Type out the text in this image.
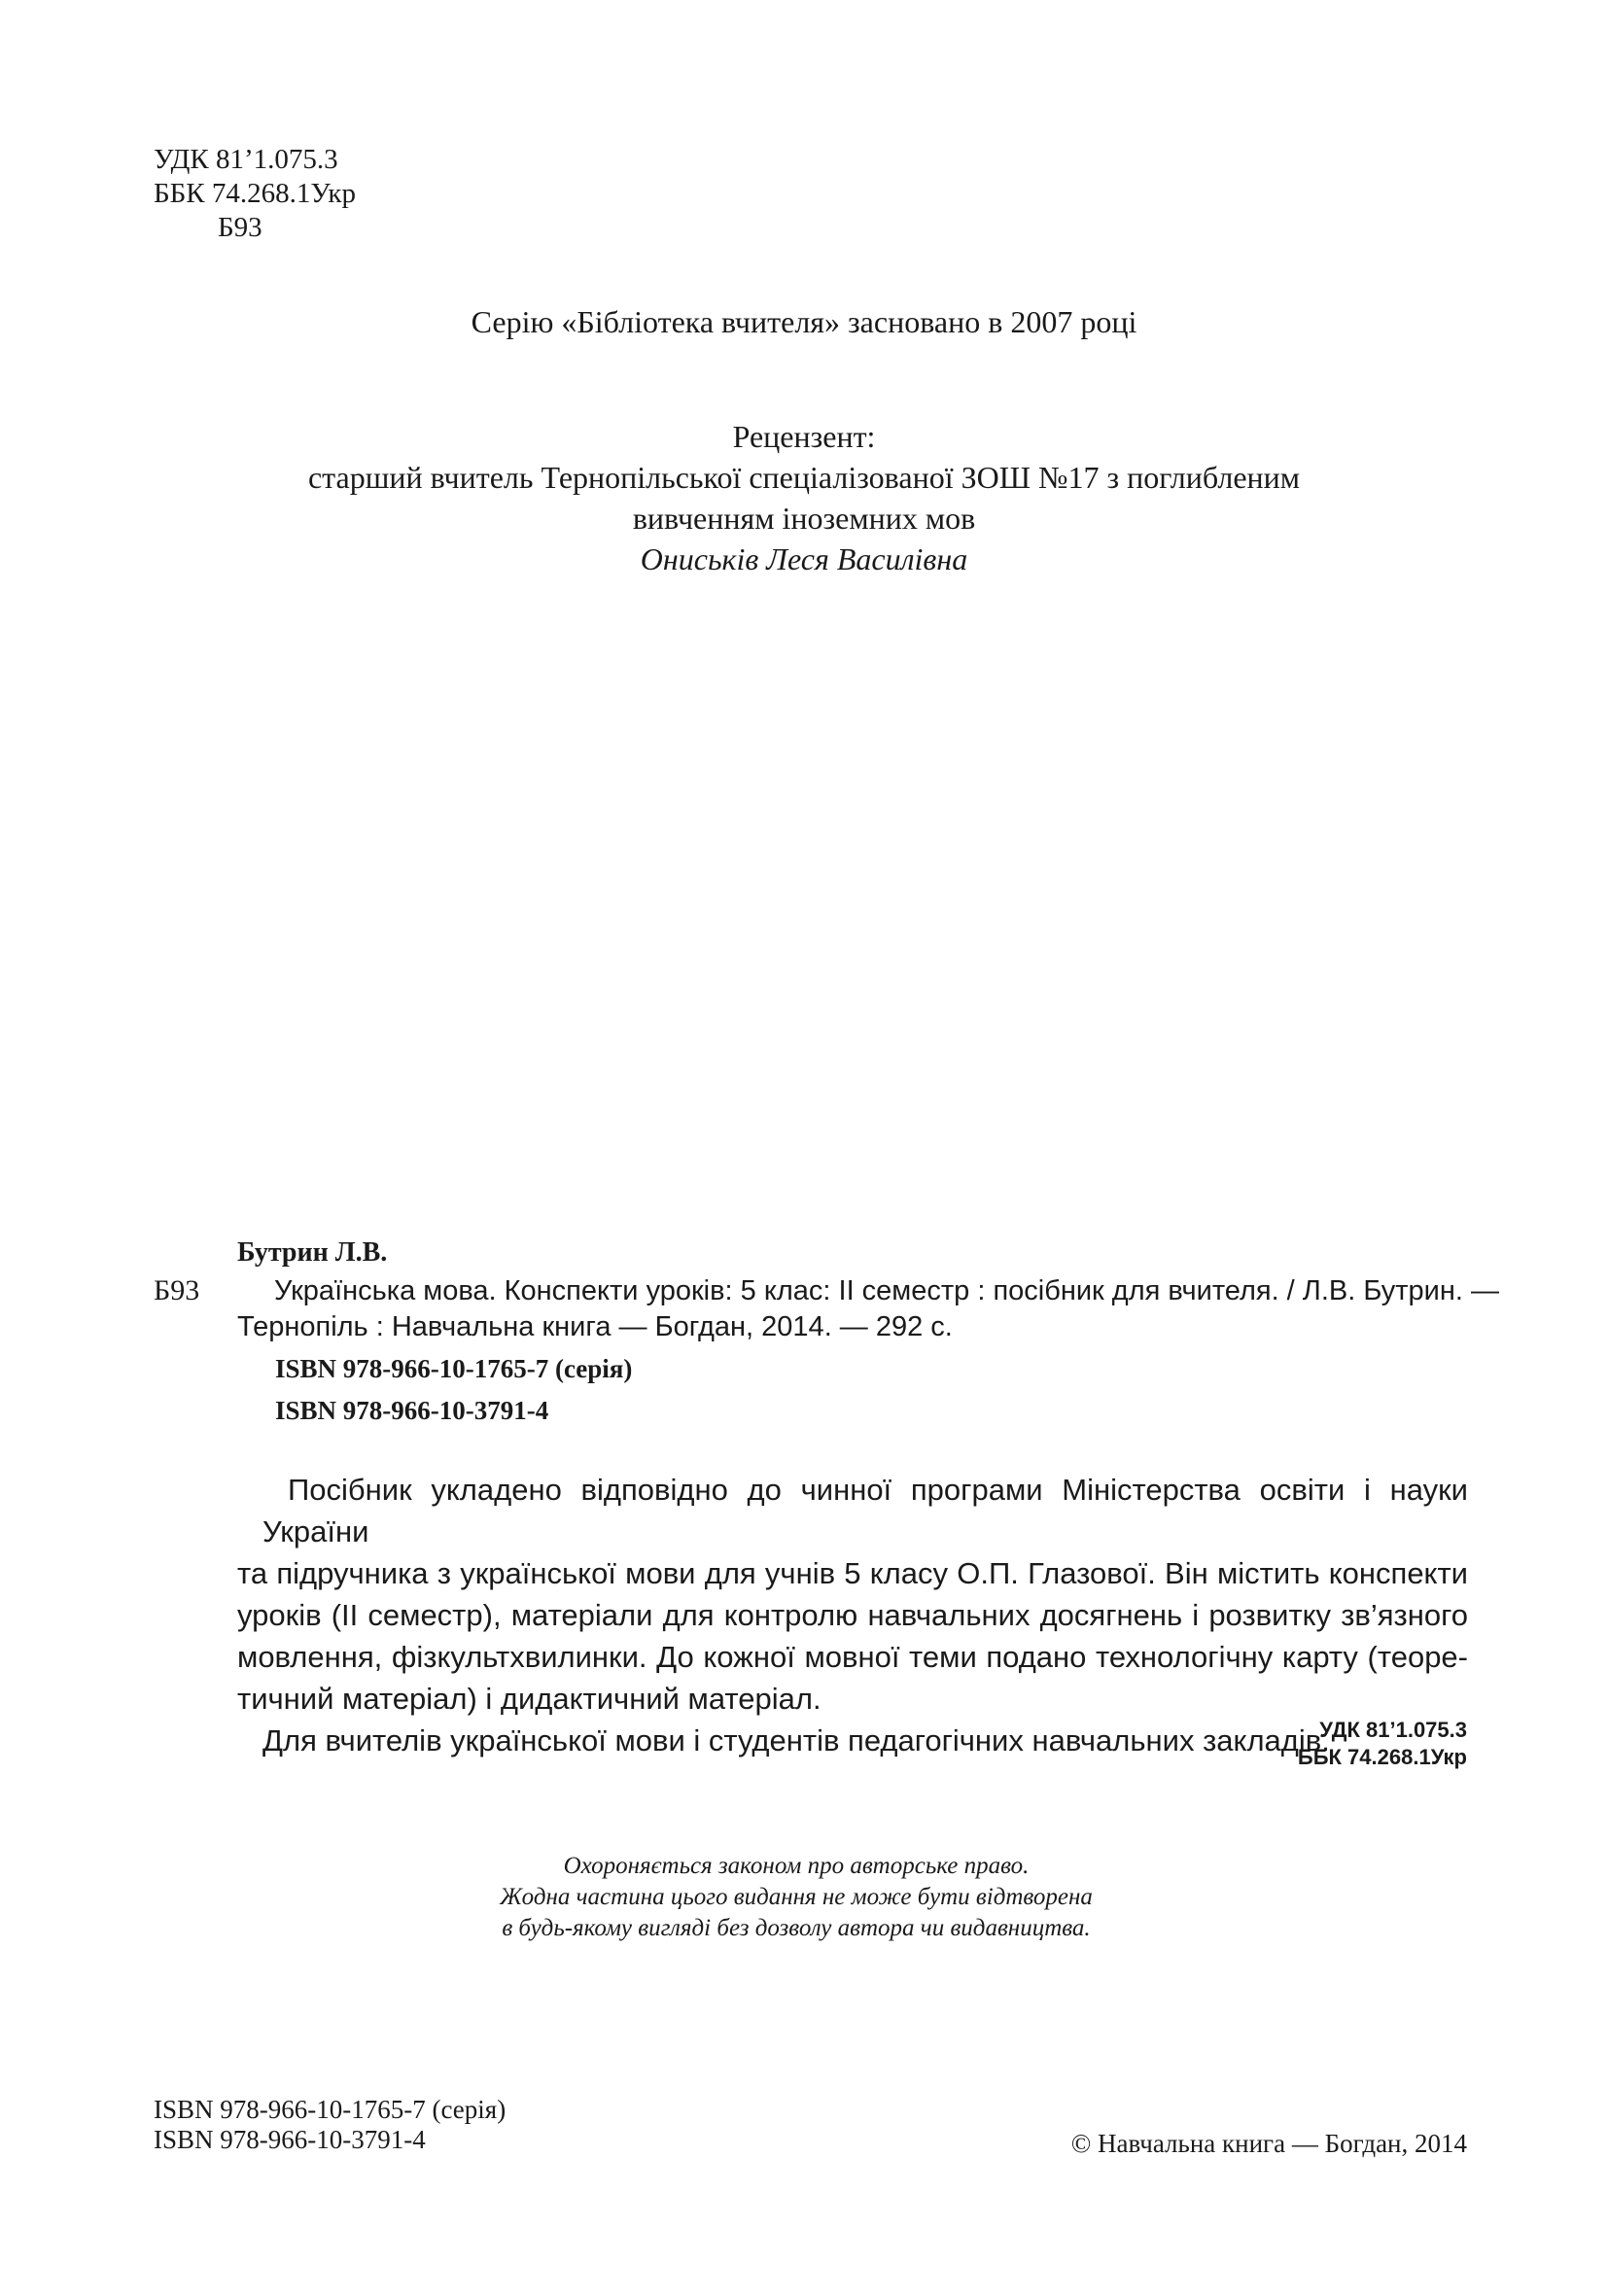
УДК 81’1.075.3
ББК 74.268.1Укр
Б93
Серію «Бібліотека вчителя» засновано в 2007 році
Рецензент:
старший вчитель Тернопільської спеціалізованої ЗОШ №17 з поглибленим
вивченням іноземних мов
Ониськів Леся Василівна
Бутрин Л.В.
Б93	Українська мова. Конспекти уроків: 5 клас: ІІ семестр : посібник для вчителя. / Л.В. Бутрин. —
Тернопіль : Навчальна книга — Богдан, 2014. — 292 с.
ISBN 978-966-10-1765-7 (серія)
ISBN 978-966-10-3791-4
Посібник укладено відповідно до чинної програми Міністерства освіти і науки України
та підручника з української мови для учнів 5 класу О.П. Глазової. Він містить конспекти
уроків (ІІ семестр), матеріали для контролю навчальних досягнень і розвитку зв’язного
мовлення, фізкультхвилинки. До кожної мовної теми подано технологічну карту (теоре-
тичний матеріал) і дидактичний матеріал.
Для вчителів української мови і студентів педагогічних навчальних закладів.
УДК 81’1.075.3
ББК 74.268.1Укр
Охороняється законом про авторське право.
Жодна частина цього видання не може бути відтворена
в будь-якому вигляді без дозволу автора чи видавництва.
ISBN 978-966-10-1765-7 (серія)
ISBN 978-966-10-3791-4	© Навчальна книга — Богдан, 2014
